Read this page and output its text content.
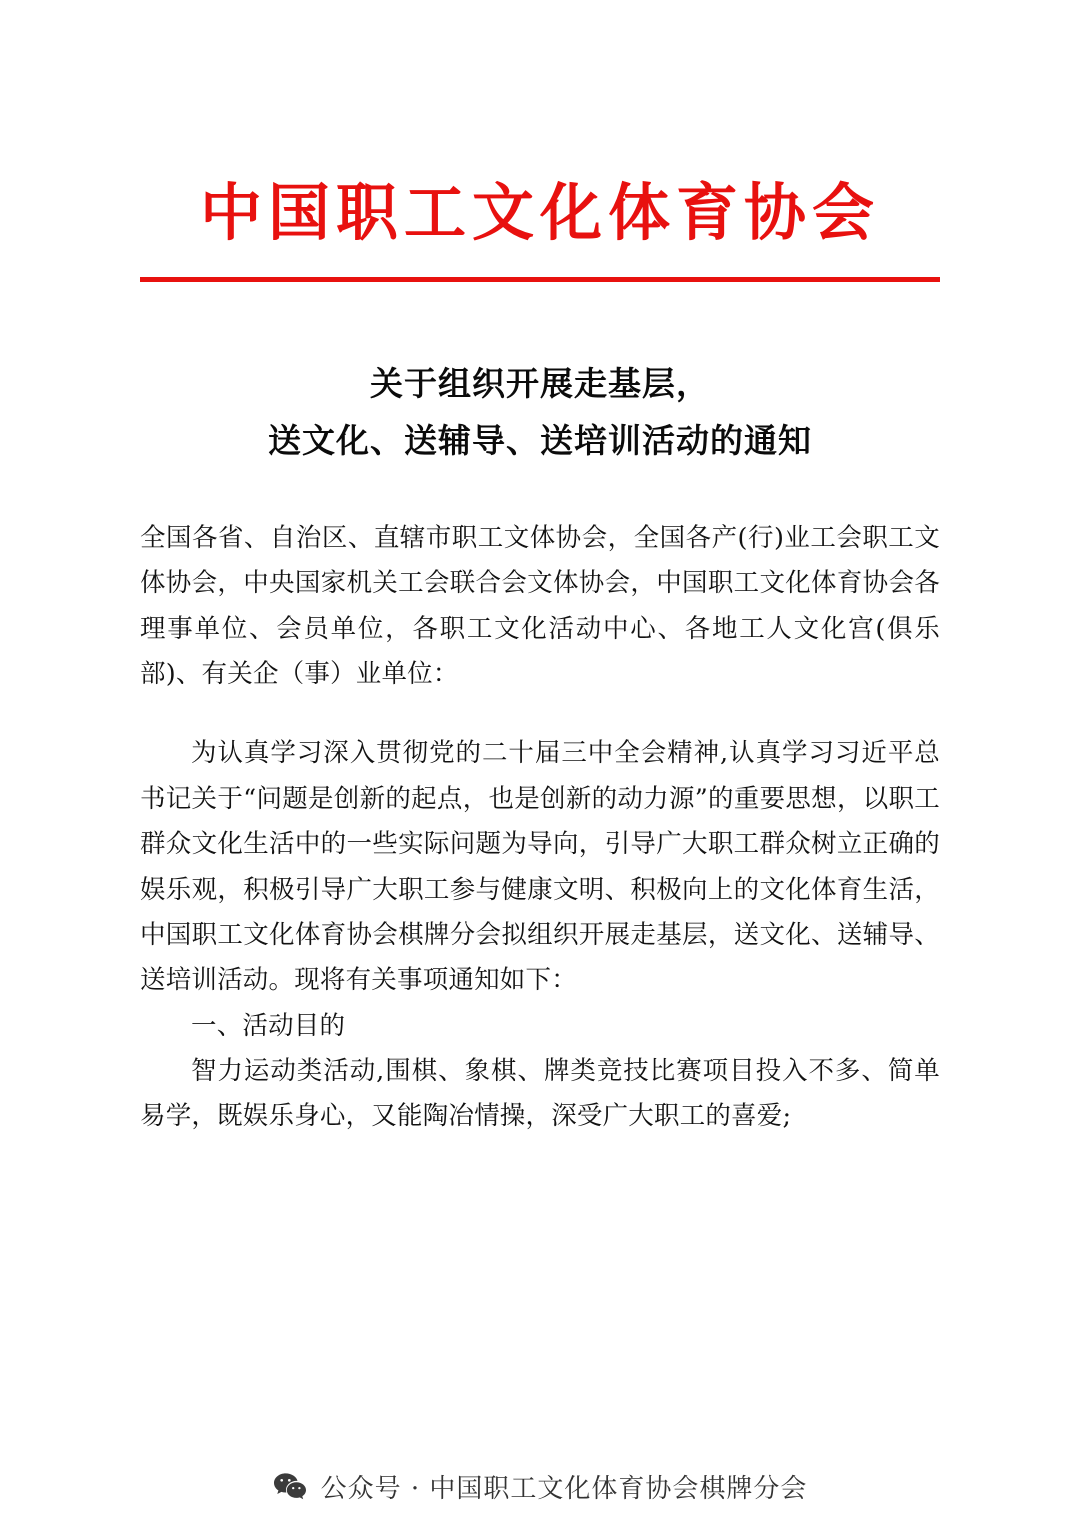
中国职工文化体育协会
关于组织开展走基层，
送文化、送辅导、送培训活动的通知

全国各省、自治区、直辖市职工文体协会，全国各产(行)业工会职工文体协会，中央国家机关工会联合会文体协会，中国职工文化体育协会各理事单位、会员单位，各职工文化活动中心、各地工人文化宫(俱乐部)、有关企（事）业单位：

为认真学习深入贯彻党的二十届三中全会精神,认真学习习近平总书记关于“问题是创新的起点，也是创新的动力源”的重要思想，以职工群众文化生活中的一些实际问题为导向，引导广大职工群众树立正确的娱乐观，积极引导广大职工参与健康文明、积极向上的文化体育生活，中国职工文化体育协会棋牌分会拟组织开展走基层，送文化、送辅导、送培训活动。现将有关事项通知如下：

一、活动目的

智力运动类活动,围棋、象棋、牌类竞技比赛项目投入不多、简单易学，既娱乐身心，又能陶冶情操，深受广大职工的喜爱;

公众号 · 中国职工文化体育协会棋牌分会
